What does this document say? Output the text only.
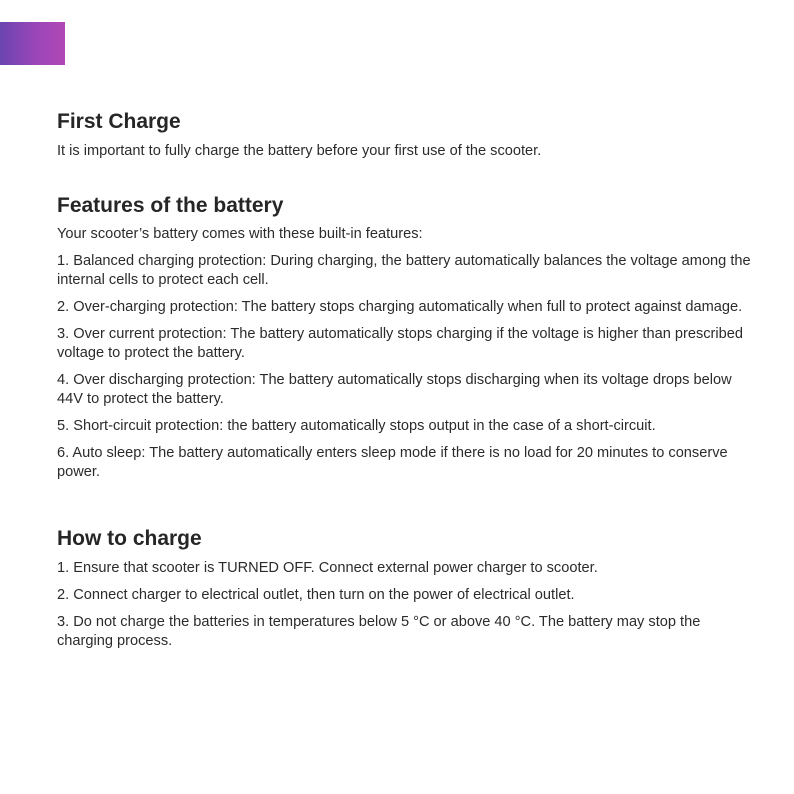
First Charge

It is important to fully charge the battery before your first use of the scooter.

Features of the battery

Your scooter’s battery comes with these built-in features:

1. Balanced charging protection: During charging, the battery automatically balances the voltage among the internal cells to protect each cell.
2. Over-charging protection: The battery stops charging automatically when full to protect against damage.
3. Over current protection: The battery automatically stops charging if the voltage is higher than prescribed voltage to protect the battery.
4. Over discharging protection: The battery automatically stops discharging when its voltage drops below 44V to protect the battery.
5. Short-circuit protection: the battery automatically stops output in the case of a short-circuit.
6. Auto sleep: The battery automatically enters sleep mode if there is no load for 20 minutes to conserve power.
How to charge
1. Ensure that scooter is TURNED OFF. Connect external power charger to scooter.
2. Connect charger to electrical outlet, then turn on the power of electrical outlet.
3. Do not charge the batteries in temperatures below 5 °C or above 40 °C. The battery may stop the charging process.
